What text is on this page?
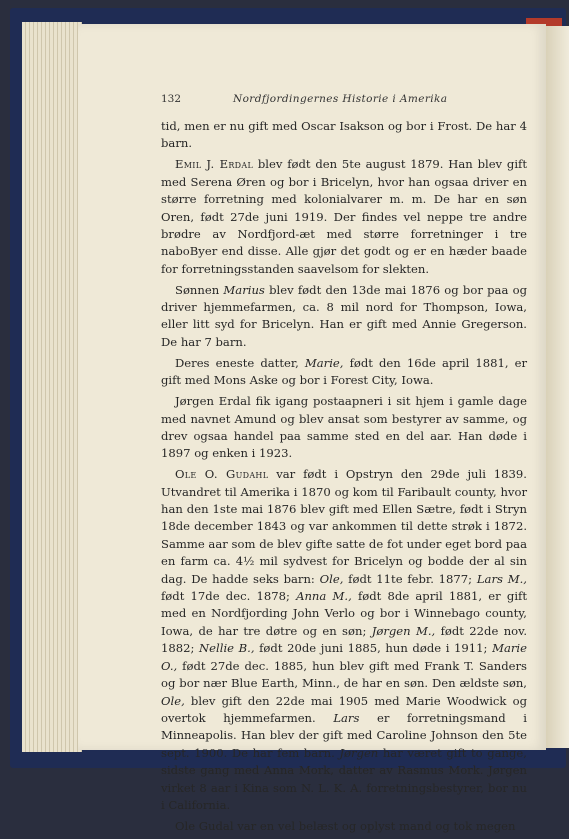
132	Nordfjordingernes Historie i Amerika

tid, men er nu gift med Oscar Isakson og bor i Frost. De har 4 barn.

Emil J. Erdal blev født den 5te august 1879. Han blev gift med Serena Øren og bor i Bricelyn, hvor han ogsaa driver en større forretning med kolonialvarer m. m. De har en søn Oren, født 27de juni 1919. Der findes vel neppe tre andre brødre av Nordfjord-æt med større forretninger i tre naboByer end disse. Alle gjør det godt og er en hæder baade for forretningsstanden saavelsom for slekten.

Sønnen Marius blev født den 13de mai 1876 og bor paa og driver hjemmefarmen, ca. 8 mil nord for Thompson, Iowa, eller litt syd for Bricelyn. Han er gift med Annie Gregerson. De har 7 barn.

Deres eneste datter, Marie, født den 16de april 1881, er gift med Mons Aske og bor i Forest City, Iowa.

Jørgen Erdal fik igang postaapneri i sit hjem i gamle dage med navnet Amund og blev ansat som bestyrer av samme, og drev ogsaa handel paa samme sted en del aar. Han døde i 1897 og enken i 1923.

Ole O. Gudahl var født i Opstryn den 29de juli 1839. Utvandret til Amerika i 1870 og kom til Faribault county, hvor han den 1ste mai 1876 blev gift med Ellen Sætre, født i Stryn 18de december 1843 og var ankommen til dette strøk i 1872. Samme aar som de blev gifte satte de fot under eget bord paa en farm ca. 4½ mil sydvest for Bricelyn og bodde der al sin dag. De hadde seks barn: Ole, født 11te febr. 1877; Lars M., født 17de dec. 1878; Anna M., født 8de april 1881, er gift med en Nordfjording John Verlo og bor i Winnebago county, Iowa, de har tre døtre og en søn; Jørgen M., født 22de nov. 1882; Nellie B., født 20de juni 1885, hun døde i 1911; Marie O., født 27de dec. 1885, hun blev gift med Frank T. Sanders og bor nær Blue Earth, Minn., de har en søn. Den ældste søn, Ole, blev gift den 22de mai 1905 med Marie Woodwick og overtok hjemmefarmen. Lars er forretningsmand i Minneapolis. Han blev der gift med Caroline Johnson den 5te sept. 1900. De har fem barn. Jørgen har været gift to gange, sidste gang med Anna Mork, datter av Rasmus Mork. Jørgen virket 8 aar i Kina som N. L. K. A. forretningsbestyrer, bor nu i California.

Ole Gudal var en vel belæst og oplyst mand og tok megen
